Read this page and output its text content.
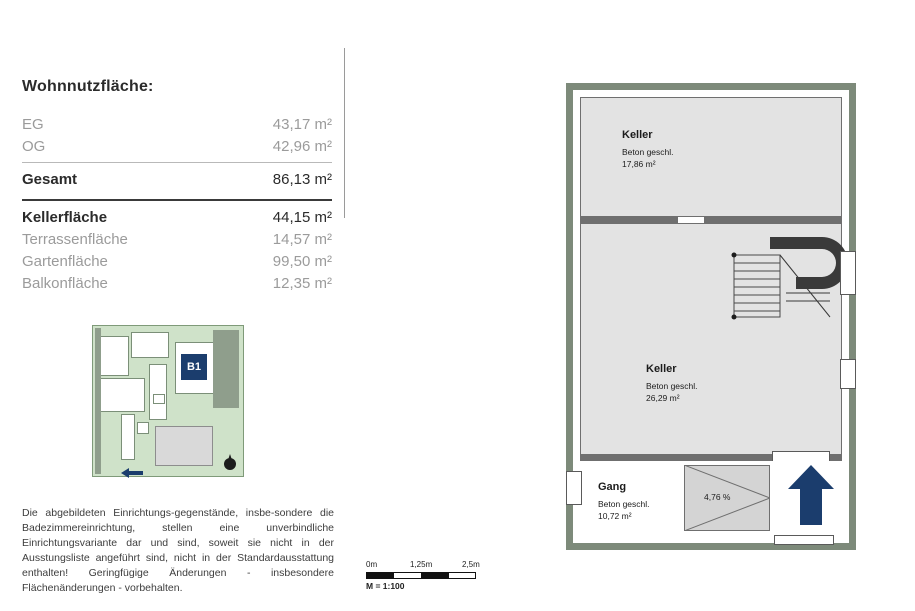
Wohnnutzfläche:
EG	43,17 m²
OG	42,96 m²
Gesamt	86,13 m²
Kellerfläche	44,15 m²
Terrassenfläche	14,57 m²
Gartenfläche	99,50 m²
Balkonfläche	12,35 m²
B1
Die abgebildeten Einrichtungs-gegenstände, insbe-sondere die Badezimmereinrichtung, stellen eine unverbindliche Einrichtungsvariante dar und sind, soweit sie nicht in der Ausstungsliste angeführt sind, nicht in der Standardausstattung enthalten! Geringfügige Änderungen - insbesondere Flächenänderungen - vorbehalten.
0m	1,25m	2,5m
M = 1:100
Keller
Beton geschl.
17,86 m²
Keller
Beton geschl.
26,29 m²
Gang
Beton geschl.
10,72 m²
4,76 %
